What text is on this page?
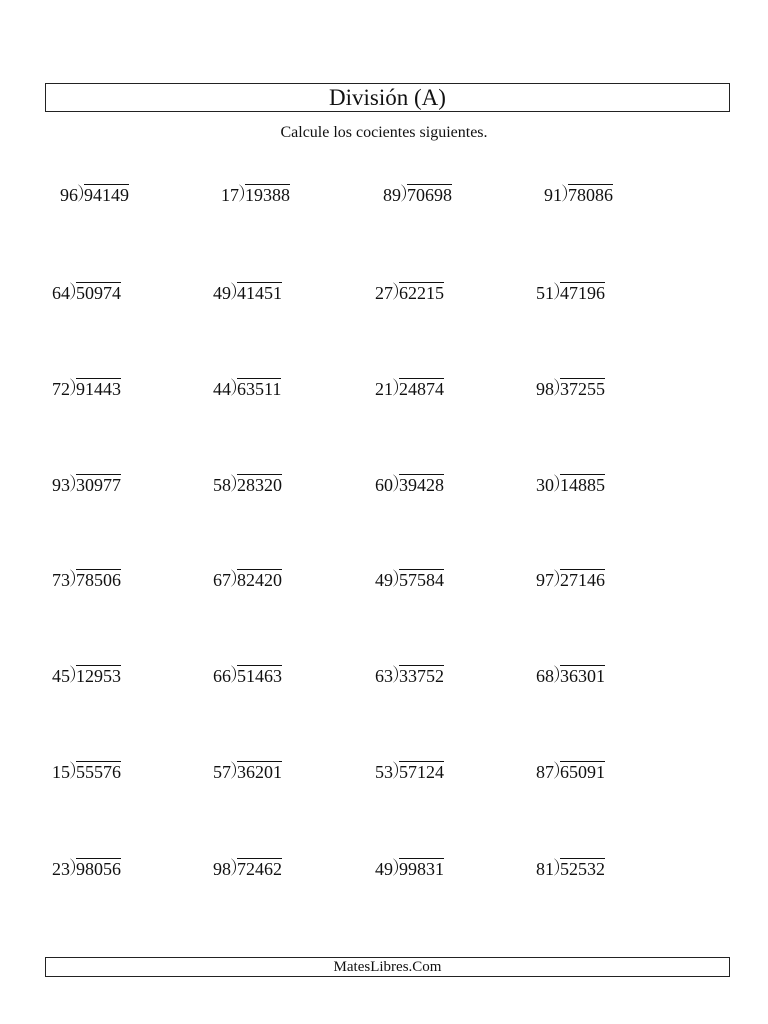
División (A)
Calcule los cocientes siguientes.
96 94149	17 19388	89 70698	91 78086
64 50974	49 41451	27 62215	51 47196
72 91443	44 63511	21 24874	98 37255
93 30977	58 28320	60 39428	30 14885
73 78506	67 82420	49 57584	97 27146
45 12953	66 51463	63 33752	68 36301
15 55576	57 36201	53 57124	87 65091
23 98056	98 72462	49 99831	81 52532
MatesLibres.Com
